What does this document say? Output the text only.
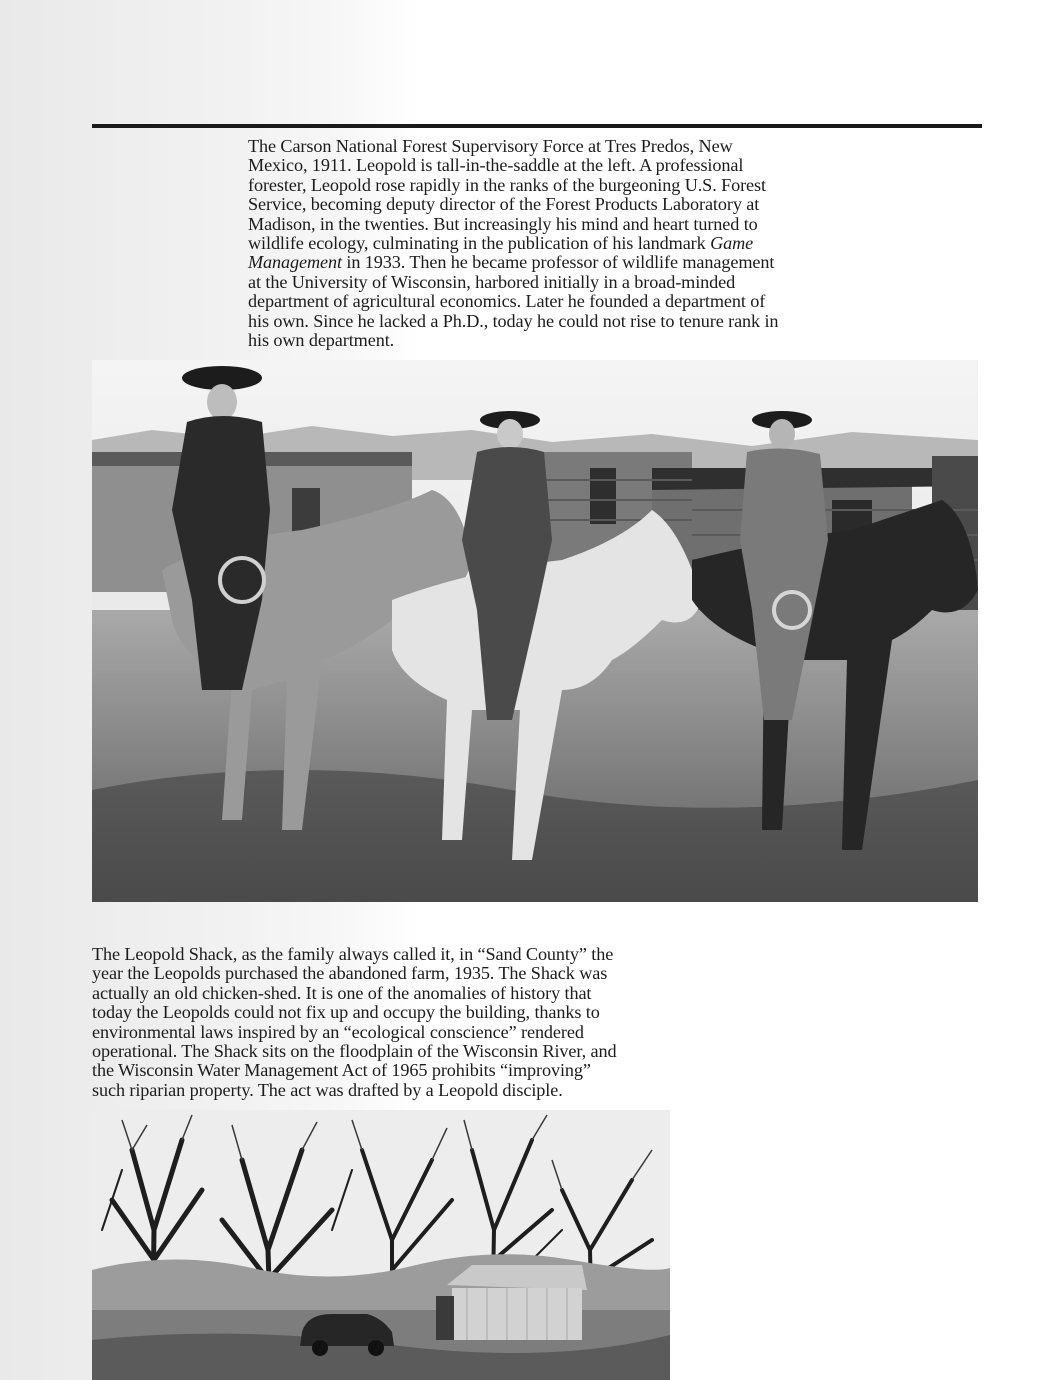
The Carson National Forest Supervisory Force at Tres Predos, New
Mexico, 1911. Leopold is tall-in-the-saddle at the left. A professional
forester, Leopold rose rapidly in the ranks of the burgeoning U.S. Forest
Service, becoming deputy director of the Forest Products Laboratory at
Madison, in the twenties. But increasingly his mind and heart turned to
wildlife ecology, culminating in the publication of his landmark Game
Management in 1933. Then he became professor of wildlife management
at the University of Wisconsin, harbored initially in a broad-minded
department of agricultural economics. Later he founded a department of
his own. Since he lacked a Ph.D., today he could not rise to tenure rank in
his own department.

The Leopold Shack, as the family always called it, in “Sand County” the
year the Leopolds purchased the abandoned farm, 1935. The Shack was
actually an old chicken-shed. It is one of the anomalies of history that
today the Leopolds could not fix up and occupy the building, thanks to
environmental laws inspired by an “ecological conscience” rendered
operational. The Shack sits on the floodplain of the Wisconsin River, and
the Wisconsin Water Management Act of 1965 prohibits “improving”
such riparian property. The act was drafted by a Leopold disciple.
